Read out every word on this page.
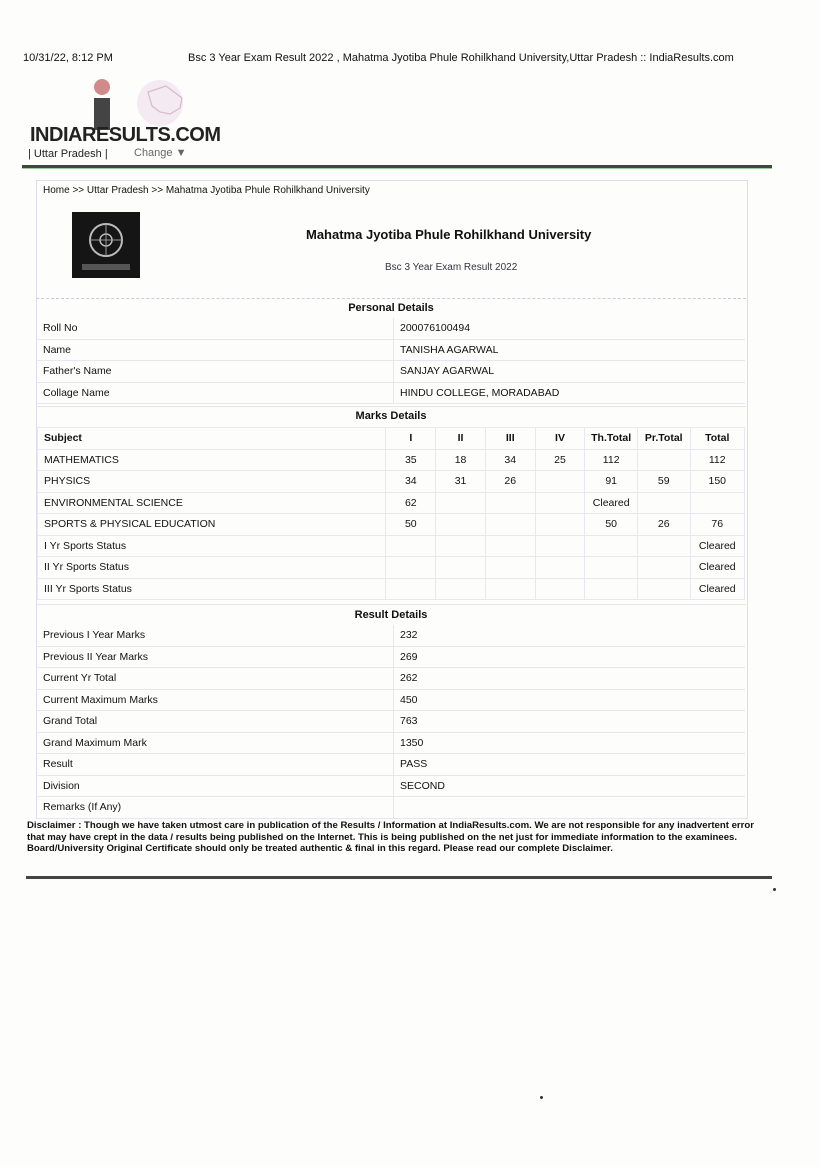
10/31/22, 8:12 PM	Bsc 3 Year Exam Result 2022 , Mahatma Jyotiba Phule Rohilkhand University,Uttar Pradesh :: IndiaResults.com
INDIARESULTS.COM
| Uttar Pradesh | Change ▼
Home >> Uttar Pradesh >> Mahatma Jyotiba Phule Rohilkhand University
Mahatma Jyotiba Phule Rohilkhand University
Bsc 3 Year Exam Result 2022
Personal Details
Roll No	200076100494
Name	TANISHA AGARWAL
Father's Name	SANJAY AGARWAL
Collage Name	HINDU COLLEGE, MORADABAD
Marks Details
Subject	I	II	III	IV	Th.Total	Pr.Total	Total
MATHEMATICS	35	18	34	25	112		112
PHYSICS	34	31	26		91	59	150
ENVIRONMENTAL SCIENCE	62				Cleared		
SPORTS & PHYSICAL EDUCATION	50				50	26	76
I Yr Sports Status							Cleared
II Yr Sports Status							Cleared
III Yr Sports Status							Cleared
Result Details
Previous I Year Marks	232
Previous II Year Marks	269
Current Yr Total	262
Current Maximum Marks	450
Grand Total	763
Grand Maximum Mark	1350
Result	PASS
Division	SECOND
Remarks (If Any)	
Disclaimer : Though we have taken utmost care in publication of the Results / Information at IndiaResults.com. We are not responsible for any inadvertent error that may have crept in the data / results being published on the Internet. This is being published on the net just for immediate information to the examinees. Board/University Original Certificate should only be treated authentic & final in this regard. Please read our complete Disclaimer.
